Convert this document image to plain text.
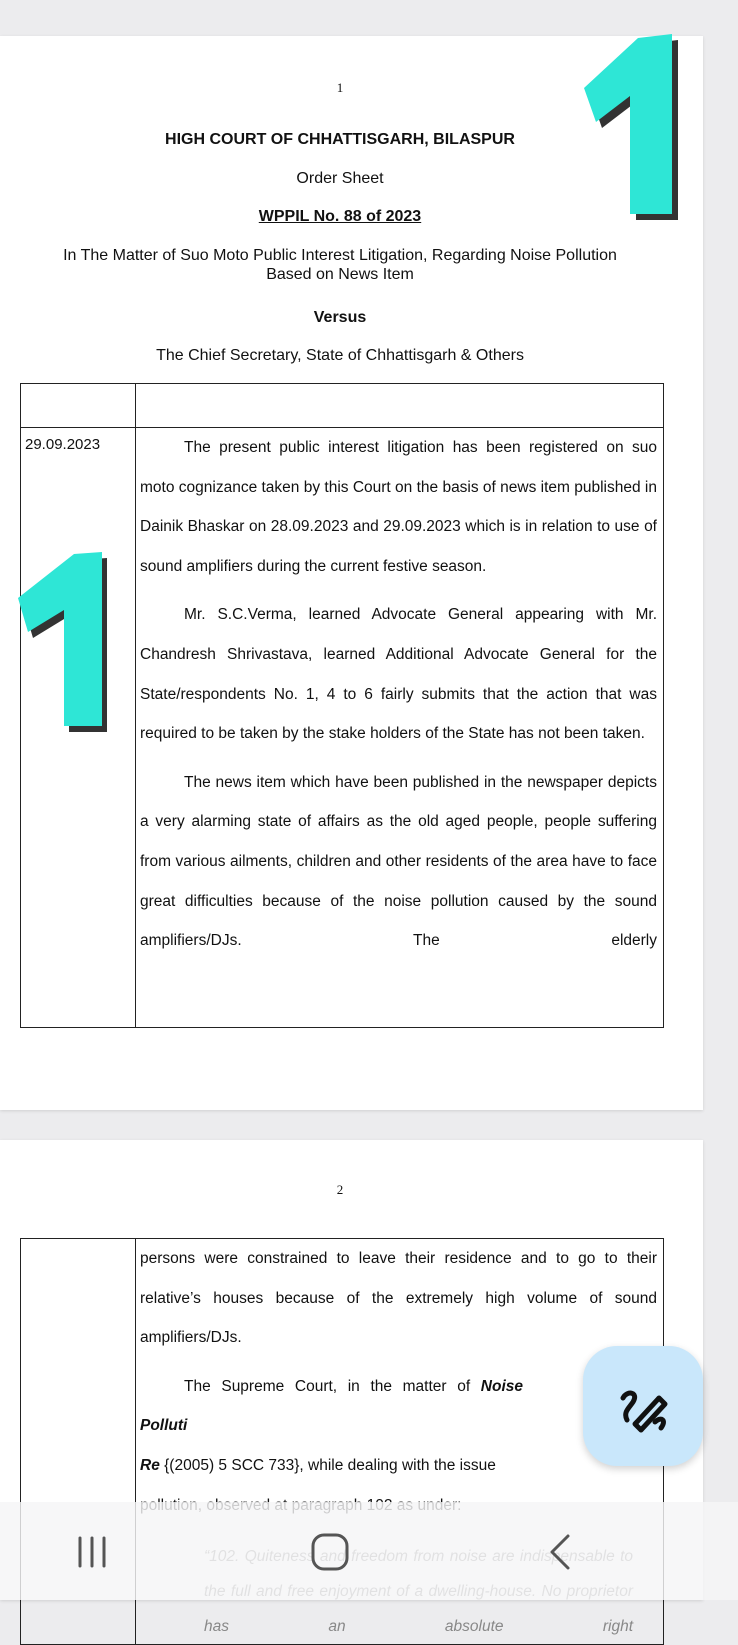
1
HIGH COURT OF CHHATTISGARH, BILASPUR
Order Sheet
WPPIL No. 88 of 2023
In The Matter of Suo Moto Public Interest Litigation, Regarding Noise Pollution
Based on News Item
Versus
The Chief Secretary, State of Chhattisgarh & Others

29.09.2023	The present public interest litigation has been registered on suo moto cognizance taken by this Court on the basis of news item published in Dainik Bhaskar on 28.09.2023 and 29.09.2023 which is in relation to use of sound amplifiers during the current festive season.

Mr. S.C.Verma, learned Advocate General appearing with Mr. Chandresh Shrivastava, learned Additional Advocate General for the State/respondents No. 1, 4 to 6 fairly submits that the action that was required to be taken by the stake holders of the State has not been taken.

The news item which have been published in the newspaper depicts a very alarming state of affairs as the old aged people, people suffering from various ailments, children and other residents of the area have to face great difficulties because of the noise pollution caused by the sound amplifiers/DJs. The elderly

2

persons were constrained to leave their residence and to go to their relative’s houses because of the extremely high volume of sound amplifiers/DJs.

The Supreme Court, in the matter of Noise Polluti
Re {(2005) 5 SCC 733}, while dealing with the issue

has an absolute right
